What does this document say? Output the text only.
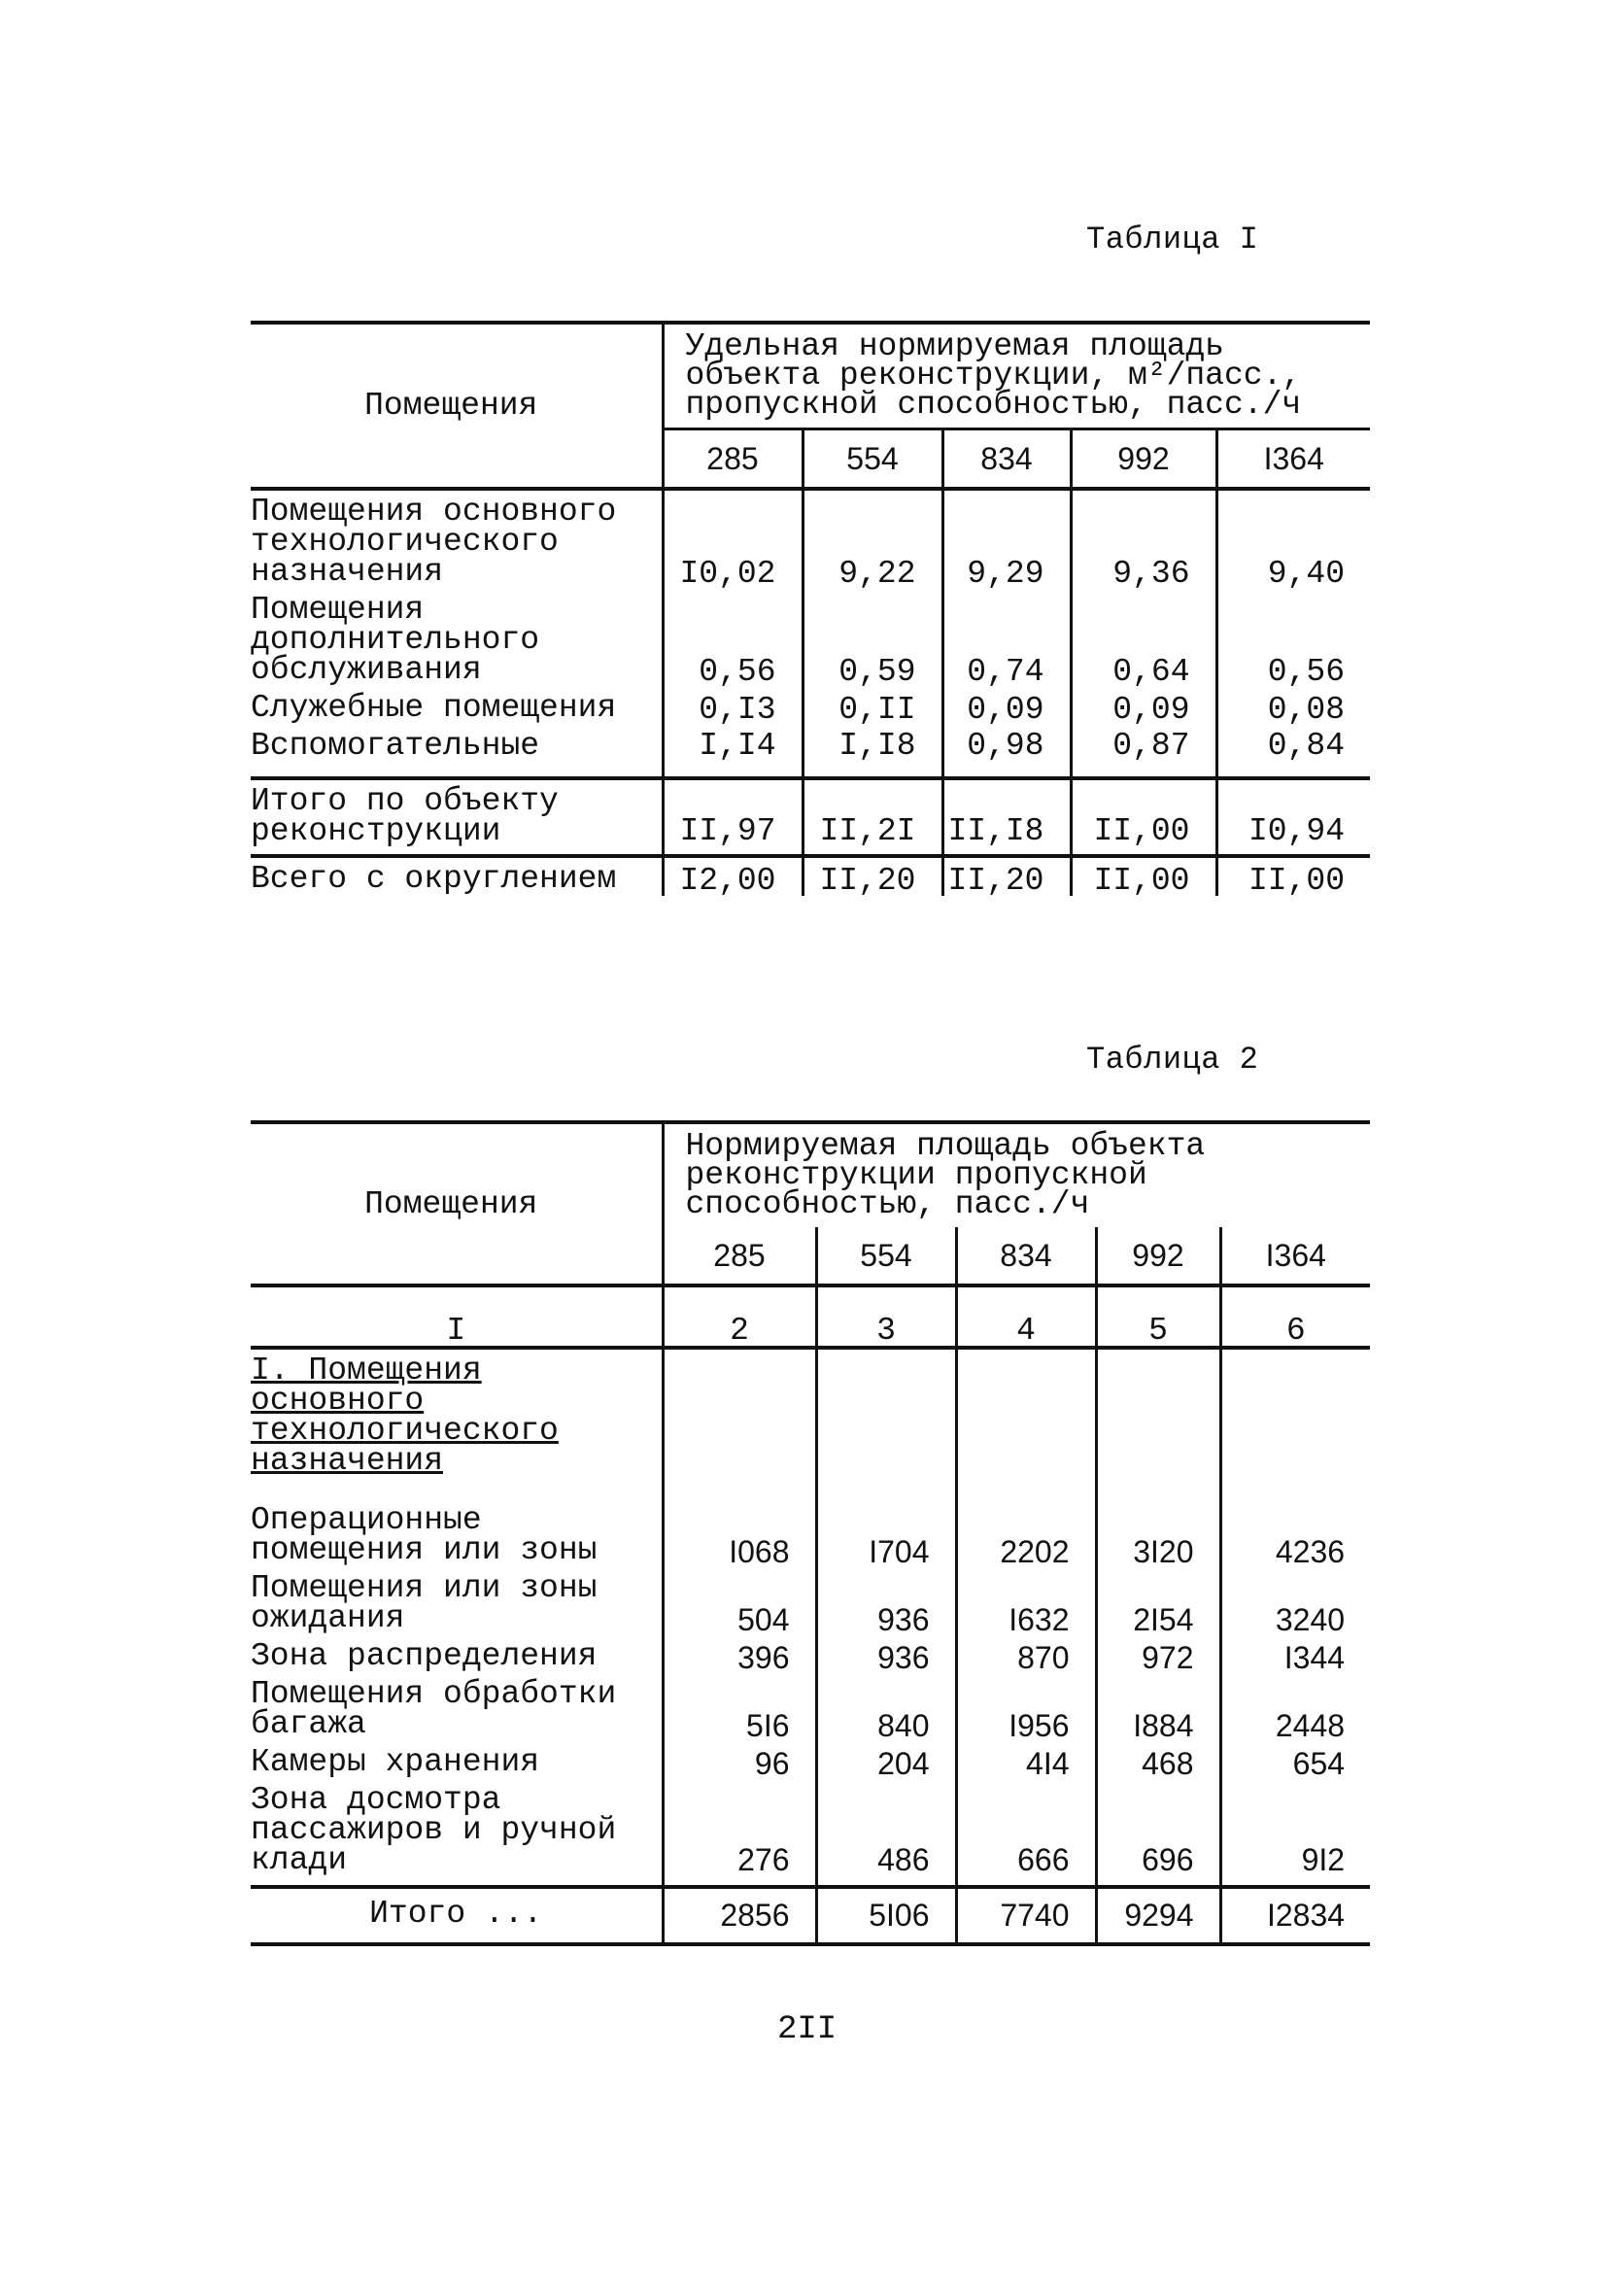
Таблица I
Помещения	Удельная нормируемая площадь объекта реконструкции, м²/пасс., пропускной способностью, пасс./ч				
	285	554	834	992	I364
Помещения основного технологического назначения	I0,02	9,22	9,29	9,36	9,40
Помещения дополнительного обслуживания	0,56	0,59	0,74	0,64	0,56
Служебные помещения	0,I3	0,II	0,09	0,09	0,08
Вспомогательные	I,I4	I,I8	0,98	0,87	0,84
Итого по объекту реконструкции	II,97	II,2I	II,I8	II,00	I0,94
Всего с округлением	I2,00	II,20	II,20	II,00	II,00
Таблица 2
Помещения	Нормируемая площадь объекта реконструкции пропускной способностью, пасс./ч				
	285	554	834	992	I364
I	2	3	4	5	6
I. Помещения основного технологического назначения					
Операционные помещения или зоны	I068	I704	2202	3I20	4236
Помещения или зоны ожидания	504	936	I632	2I54	3240
Зона распределения	396	936	870	972	I344
Помещения обработки багажа	5I6	840	I956	I884	2448
Камеры хранения	96	204	4I4	468	654
Зона досмотра пассажиров и ручной клади	276	486	666	696	9I2
Итого ...	2856	5I06	7740	9294	I2834
2II
